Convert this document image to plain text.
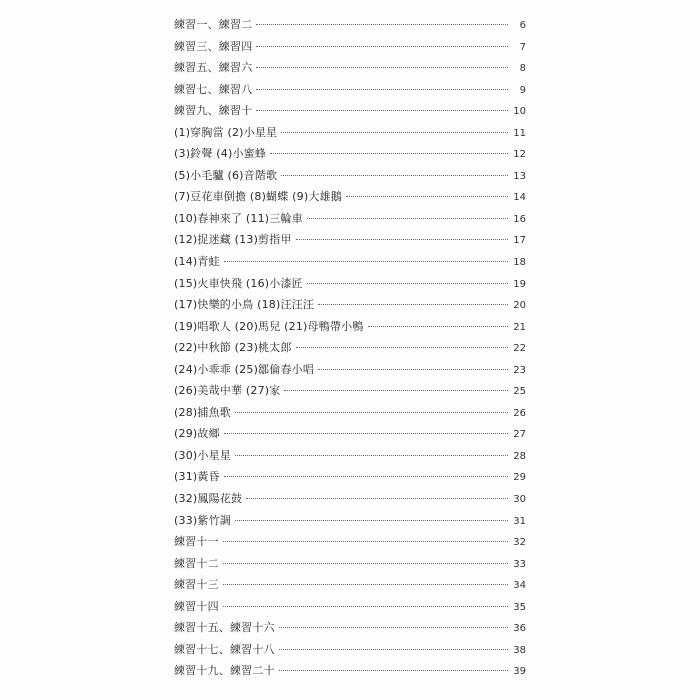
練習一、練習二	6
練習三、練習四	7
練習五、練習六	8
練習七、練習八	9
練習九、練習十	10
(1)穿胸當 (2)小星星	11
(3)鈴聲 (4)小蜜蜂	12
(5)小毛驢 (6)音階歌	13
(7)豆花車倒擔 (8)蝴蝶 (9)大雄鵝	14
(10)春神來了 (11)三輪車	16
(12)捉迷藏 (13)剪指甲	17
(14)青蛙	18
(15)火車快飛 (16)小漆匠	19
(17)快樂的小鳥 (18)汪汪汪	20
(19)唱歌人 (20)馬兒 (21)母鴨帶小鴨	21
(22)中秋節 (23)桃太郎	22
(24)小乖乖 (25)鄒倫春小唱	23
(26)美哉中華 (27)家	25
(28)捕魚歌	26
(29)故鄉	27
(30)小星星	28
(31)黃昏	29
(32)鳳陽花鼓	30
(33)紫竹調	31
練習十一	32
練習十二	33
練習十三	34
練習十四	35
練習十五、練習十六	36
練習十七、練習十八	38
練習十九、練習二十	39
